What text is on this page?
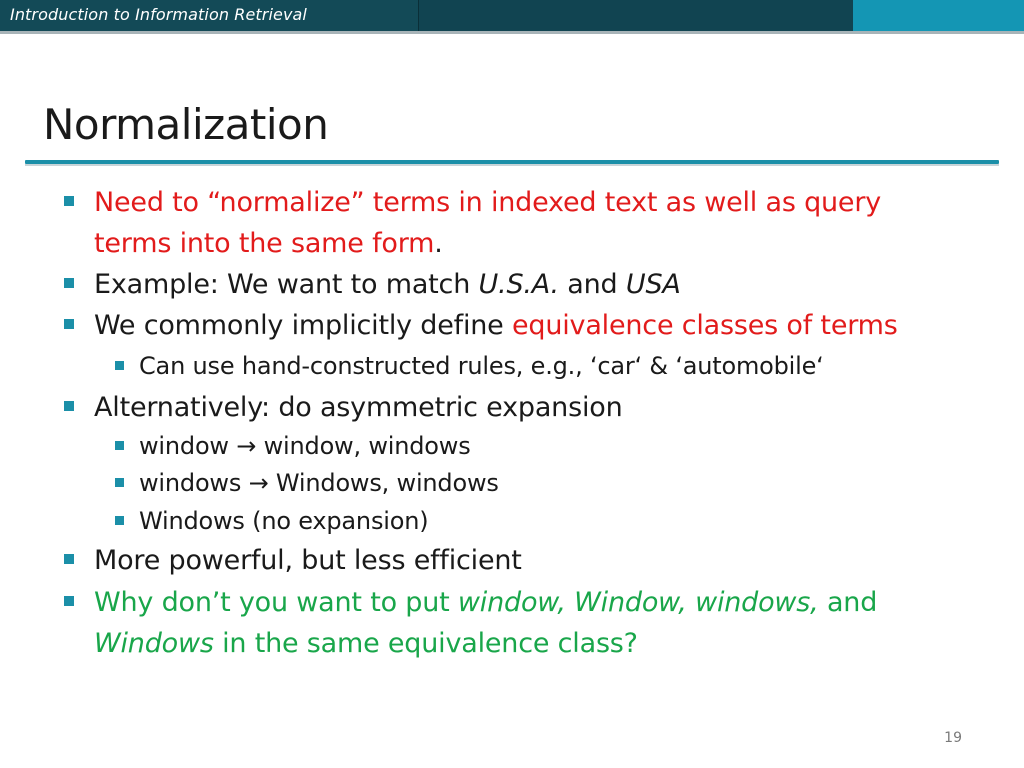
Introduction to Information Retrieval
Normalization
Need to “normalize” terms in indexed text as well as query
terms into the same form.
Example: We want to match U.S.A. and USA
We commonly implicitly define equivalence classes of terms
Can use hand-constructed rules, e.g., ‘car‘ & ‘automobile‘
Alternatively: do asymmetric expansion
window → window, windows
windows → Windows, windows
Windows (no expansion)
More powerful, but less efficient
Why don’t you want to put window, Window, windows, and
Windows in the same equivalence class?
19
